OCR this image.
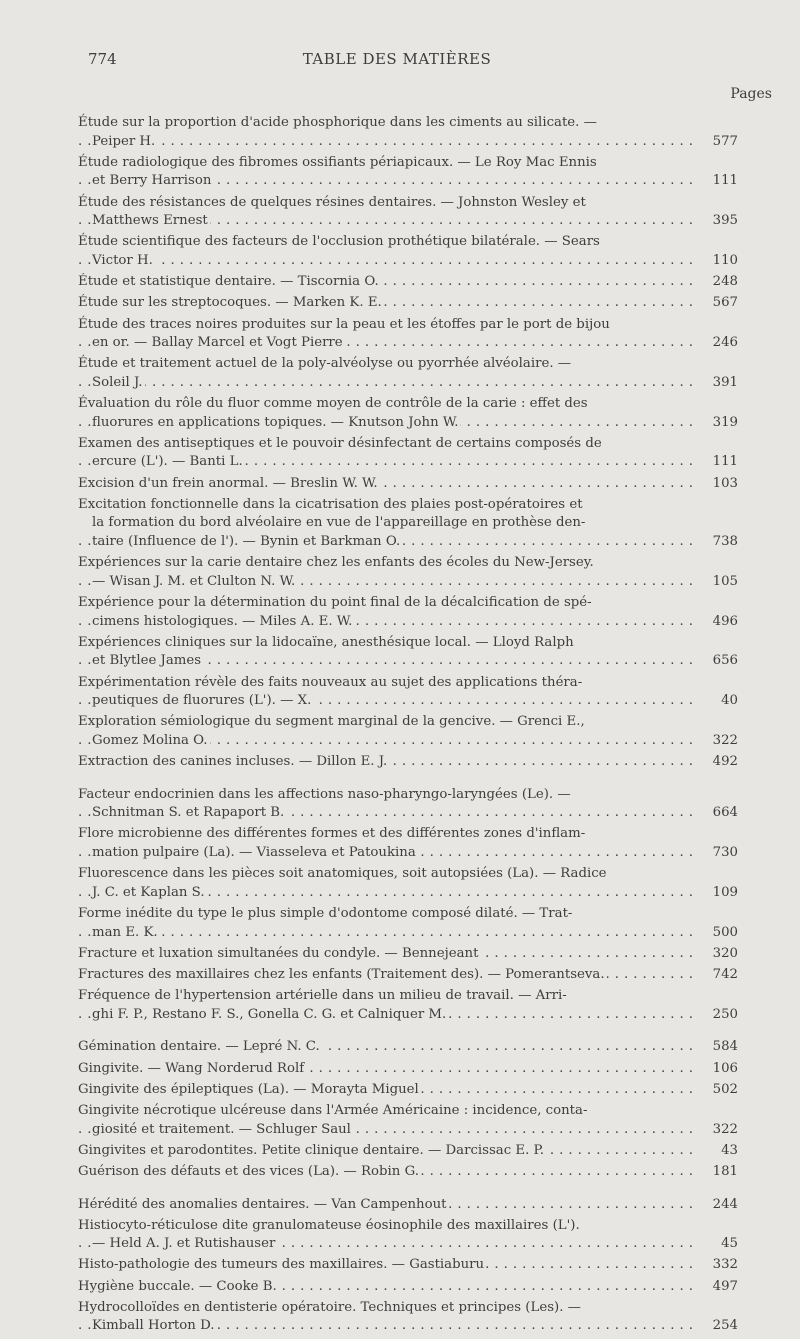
774	TABLE DES MATIÈRES
Pages
Étude sur la proportion d'acide phosphorique dans les ciments au silicate. —
Peiper H.	577
. . .
Étude radiologique des fibromes ossifiants périapicaux. — Le Roy Mac Ennis
et Berry Harrison	111
. . .
Étude des résistances de quelques résines dentaires. — Johnston Wesley et
Matthews Ernest	395
. . .
Étude scientifique des facteurs de l'occlusion prothétique bilatérale. — Sears
Victor H.	110
. . .
Étude et statistique dentaire. — Tiscornia O.	248
. . .
Étude sur les streptocoques. — Marken K. E.	567
. . .
Étude des traces noires produites sur la peau et les étoffes par le port de bijou
en or. — Ballay Marcel et Vogt Pierre	246
. . .
Étude et traitement actuel de la poly-alvéolyse ou pyorrhée alvéolaire. —
Soleil J.	391
. . .
Évaluation du rôle du fluor comme moyen de contrôle de la carie : effet des
fluorures en applications topiques. — Knutson John W.	319
. . .
Examen des antiseptiques et le pouvoir désinfectant de certains composés de
ercure (L'). — Banti L.	111
. . .
Excision d'un frein anormal. — Breslin W. W.	103
. . .
Excitation fonctionnelle dans la cicatrisation des plaies post-opératoires et
la formation du bord alvéolaire en vue de l'appareillage en prothèse den-
taire (Influence de l'). — Bynin et Barkman O.	738
. . .
Expériences sur la carie dentaire chez les enfants des écoles du New-Jersey.
— Wisan J. M. et Clulton N. W.	105
. . .
Expérience pour la détermination du point final de la décalcification de spé-
cimens histologiques. — Miles A. E. W.	496
. . .
Expériences cliniques sur la lidocaïne, anesthésique local. — Lloyd Ralph
et Blytlee James	656
. . .
Expérimentation révèle des faits nouveaux au sujet des applications théra-
peutiques de fluorures (L'). — X.	40
. . .
Exploration sémiologique du segment marginal de la gencive. — Grenci E.,
Gomez Molina O.	322
. . .
Extraction des canines incluses. — Dillon E. J.	492
. . .
Facteur endocrinien dans les affections naso-pharyngo-laryngées (Le). —
Schnitman S. et Rapaport B.	664
. . .
Flore microbienne des différentes formes et des différentes zones d'inflam-
mation pulpaire (La). — Viasseleva et Patoukina	730
. . .
Fluorescence dans les pièces soit anatomiques, soit autopsiées (La). — Radice
J. C. et Kaplan S.	109
. . .
Forme inédite du type le plus simple d'odontome composé dilaté. — Trat-
man E. K.	500
. . .
Fracture et luxation simultanées du condyle. — Bennejeant	320
. . .
Fractures des maxillaires chez les enfants (Traitement des). — Pomerantseva.	742
. . .
Fréquence de l'hypertension artérielle dans un milieu de travail. — Arri-
ghi F. P., Restano F. S., Gonella C. G. et Calniquer M.	250
. . .
Gémination dentaire. — Lepré N. C.	584
. . .
Gingivite. — Wang Norderud Rolf	106
. . .
Gingivite des épileptiques (La). — Morayta Miguel	502
. . .
Gingivite nécrotique ulcéreuse dans l'Armée Américaine : incidence, conta-
giosité et traitement. — Schluger Saul	322
. . .
Gingivites et parodontites. Petite clinique dentaire. — Darcissac E. P.	43
. . .
Guérison des défauts et des vices (La). — Robin G.	181
. . .
Hérédité des anomalies dentaires. — Van Campenhout	244
. . .
Histiocyto-réticulose dite granulomateuse éosinophile des maxillaires (L').
— Held A. J. et Rutishauser	45
. . .
Histo-pathologie des tumeurs des maxillaires. — Gastiaburu	332
. . .
Hygiène buccale. — Cooke B.	497
. . .
Hydrocolloïdes en dentisterie opératoire. Techniques et principes (Les). —
Kimball Horton D.	254
. . .
